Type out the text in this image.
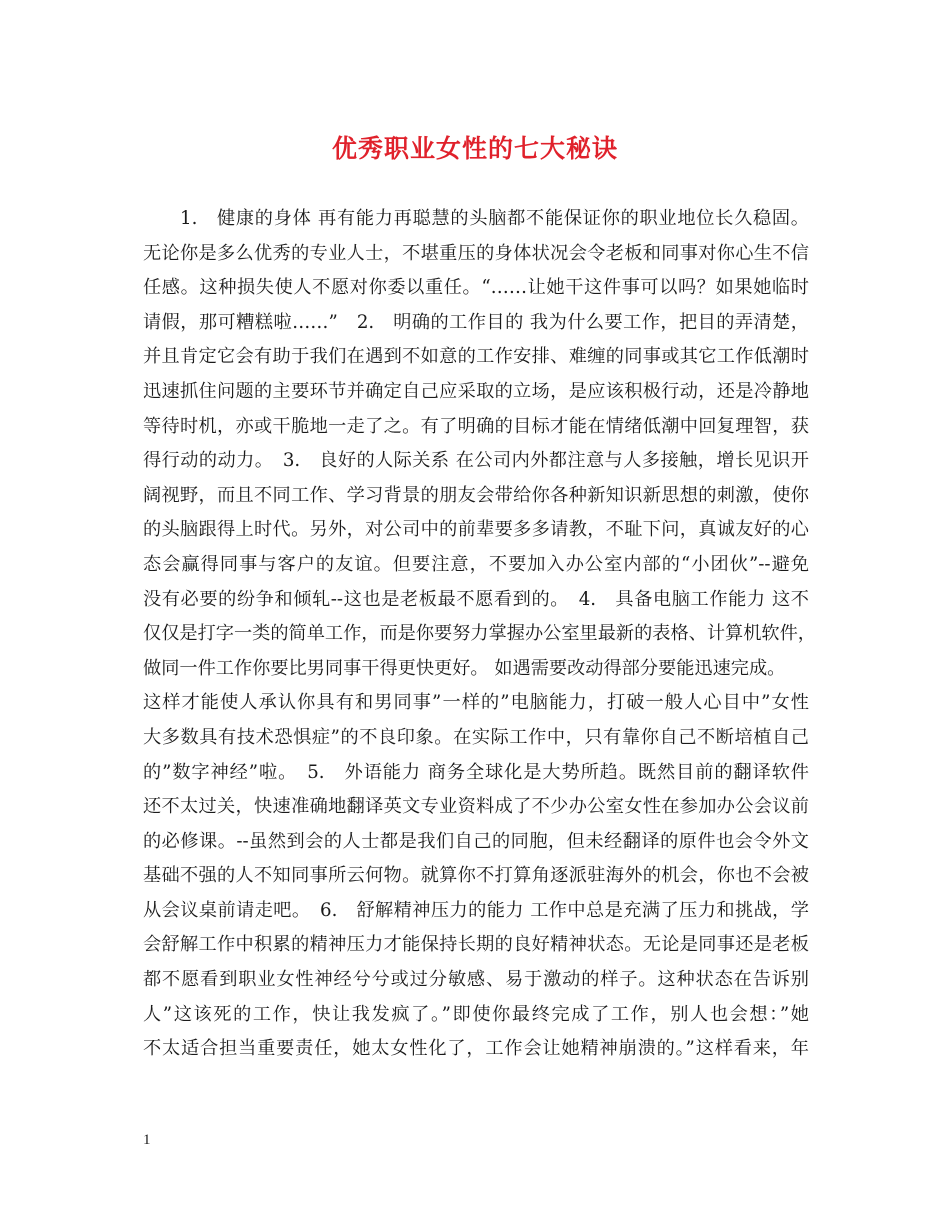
优秀职业女性的七大秘诀
1.　健康的身体 再有能力再聪慧的头脑都不能保证你的职业地位长久稳固。
无论你是多么优秀的专业人士，不堪重压的身体状况会令老板和同事对你心生不信
任感。这种损失使人不愿对你委以重任。“……让她干这件事可以吗？如果她临时
请假，那可糟糕啦……”　2.　明确的工作目的 我为什么要工作，把目的弄清楚，
并且肯定它会有助于我们在遇到不如意的工作安排、难缠的同事或其它工作低潮时
迅速抓住问题的主要环节并确定自己应采取的立场，是应该积极行动，还是冷静地
等待时机，亦或干脆地一走了之。有了明确的目标才能在情绪低潮中回复理智，获
得行动的动力。　3.　良好的人际关系 在公司内外都注意与人多接触，增长见识开
阔视野，而且不同工作、学习背景的朋友会带给你各种新知识新思想的刺激，使你
的头脑跟得上时代。另外，对公司中的前辈要多多请教，不耻下问，真诚友好的心
态会赢得同事与客户的友谊。但要注意，不要加入办公室内部的“小团伙”--避免
没有必要的纷争和倾轧--这也是老板最不愿看到的。　4.　具备电脑工作能力 这不
仅仅是打字一类的简单工作，而是你要努力掌握办公室里最新的表格、计算机软件，
做同一件工作你要比男同事干得更快更好。 如遇需要改动得部分要能迅速完成。
这样才能使人承认你具有和男同事”一样的”电脑能力，打破一般人心目中”女性
大多数具有技术恐惧症”的不良印象。在实际工作中，只有靠你自己不断培植自己
的”数字神经”啦。　5.　外语能力 商务全球化是大势所趋。既然目前的翻译软件
还不太过关，快速准确地翻译英文专业资料成了不少办公室女性在参加办公会议前
的必修课。--虽然到会的人士都是我们自己的同胞，但未经翻译的原件也会令外文
基础不强的人不知同事所云何物。就算你不打算角逐派驻海外的机会，你也不会被
从会议桌前请走吧。　6.　舒解精神压力的能力 工作中总是充满了压力和挑战，学
会舒解工作中积累的精神压力才能保持长期的良好精神状态。无论是同事还是老板
都不愿看到职业女性神经兮兮或过分敏感、易于激动的样子。这种状态在告诉别
人”这该死的工作，快让我发疯了。”即使你最终完成了工作，别人也会想：”她
不太适合担当重要责任，她太女性化了，工作会让她精神崩溃的。”这样看来，年
1
